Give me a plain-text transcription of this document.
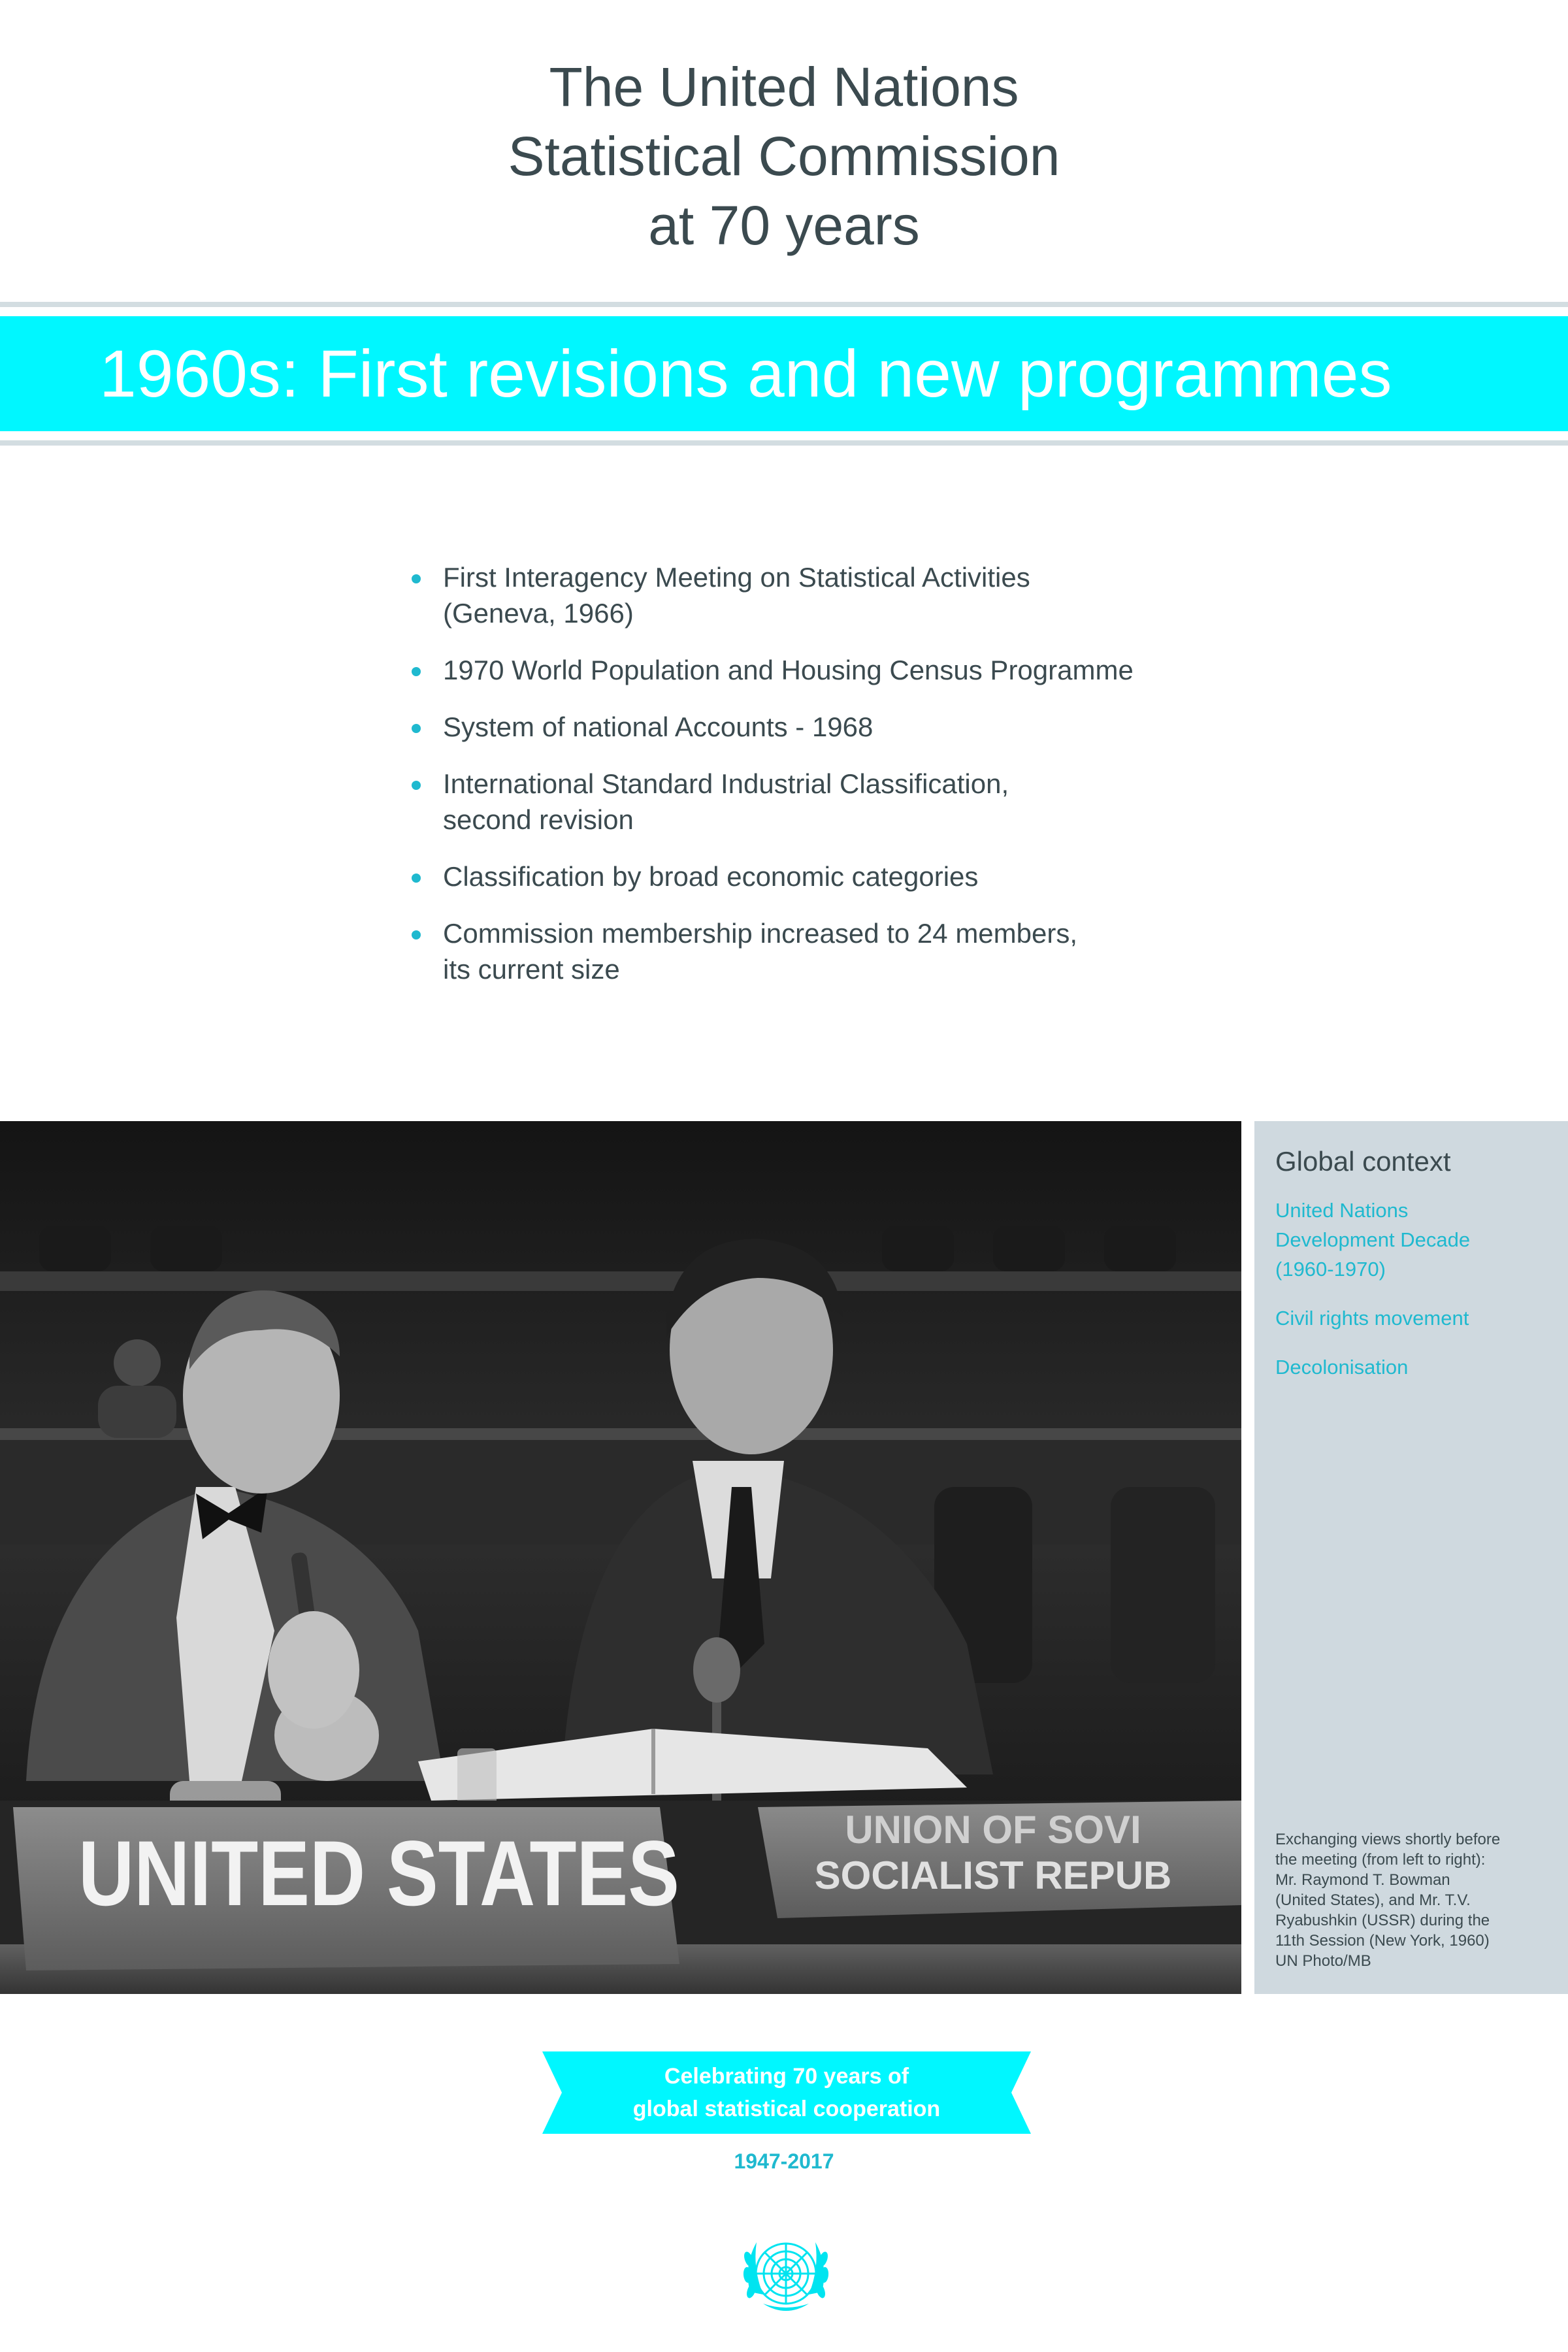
The United Nations
Statistical Commission
at 70 years
1960s: First revisions and new programmes
First Interagency Meeting on Statistical Activities
(Geneva, 1966)
1970 World Population and Housing Census Programme
System of national Accounts - 1968
International Standard Industrial Classification,
second revision
Classification by broad economic categories
Commission membership increased to 24 members,
its current size
UNITED STATES	UNION OF SOVI
SOCIALIST REPUB
Global context
United Nations
Development Decade
(1960-1970)
Civil rights movement
Decolonisation
Exchanging views shortly before
the meeting (from left to right):
Mr. Raymond T. Bowman
(United States), and Mr. T.V.
Ryabushkin (USSR) during the
11th Session (New York, 1960)
UN Photo/MB
Celebrating 70 years of
global statistical cooperation
1947-2017
